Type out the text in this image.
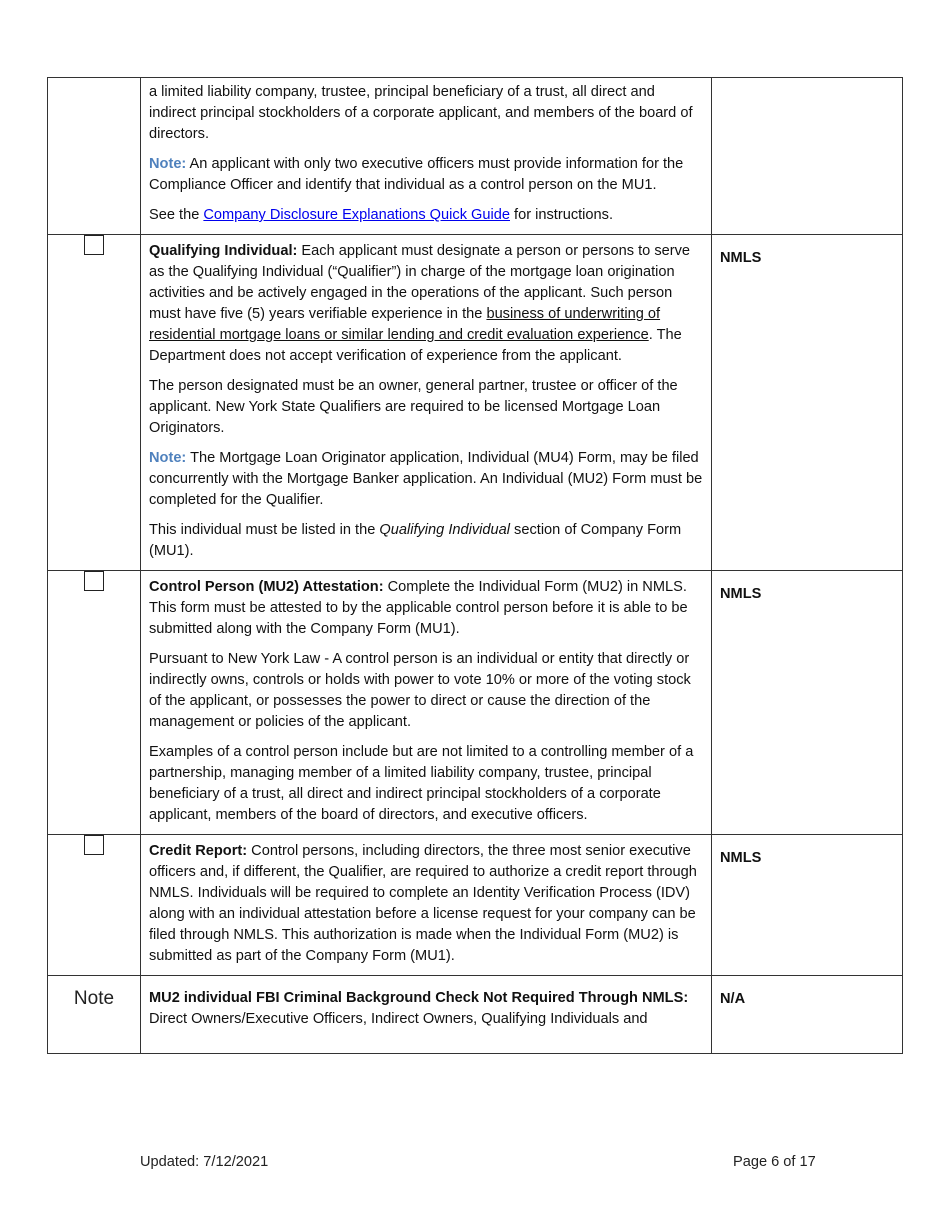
	a limited liability company, trustee, principal beneficiary of a trust, all direct and indirect principal stockholders of a corporate applicant, and members of the board of directors.

Note: An applicant with only two executive officers must provide information for the Compliance Officer and identify that individual as a control person on the MU1.

See the Company Disclosure Explanations Quick Guide for instructions.	

	Qualifying Individual: Each applicant must designate a person or persons to serve as the Qualifying Individual (“Qualifier”) in charge of the mortgage loan origination activities and be actively engaged in the operations of the applicant. Such person must have five (5) years verifiable experience in the business of underwriting of residential mortgage loans or similar lending and credit evaluation experience. The Department does not accept verification of experience from the applicant.

The person designated must be an owner, general partner, trustee or officer of the applicant. New York State Qualifiers are required to be licensed Mortgage Loan Originators.

Note: The Mortgage Loan Originator application, Individual (MU4) Form, may be filed concurrently with the Mortgage Banker application. An Individual (MU2) Form must be completed for the Qualifier.

This individual must be listed in the Qualifying Individual section of Company Form (MU1).	NMLS

	Control Person (MU2) Attestation: Complete the Individual Form (MU2) in NMLS. This form must be attested to by the applicable control person before it is able to be submitted along with the Company Form (MU1).

Pursuant to New York Law - A control person is an individual or entity that directly or indirectly owns, controls or holds with power to vote 10% or more of the voting stock of the applicant, or possesses the power to direct or cause the direction of the management or policies of the applicant.

Examples of a control person include but are not limited to a controlling member of a partnership, managing member of a limited liability company, trustee, principal beneficiary of a trust, all direct and indirect principal stockholders of a corporate applicant, members of the board of directors, and executive officers.	NMLS

	Credit Report: Control persons, including directors, the three most senior executive officers and, if different, the Qualifier, are required to authorize a credit report through NMLS. Individuals will be required to complete an Identity Verification Process (IDV) along with an individual attestation before a license request for your company can be filed through NMLS. This authorization is made when the Individual Form (MU2) is submitted as part of the Company Form (MU1).	NMLS
Note	MU2 individual FBI Criminal Background Check Not Required Through NMLS:
Direct Owners/Executive Officers, Indirect Owners, Qualifying Individuals and	N/A
Updated: 7/12/2021	Page 6 of 17
